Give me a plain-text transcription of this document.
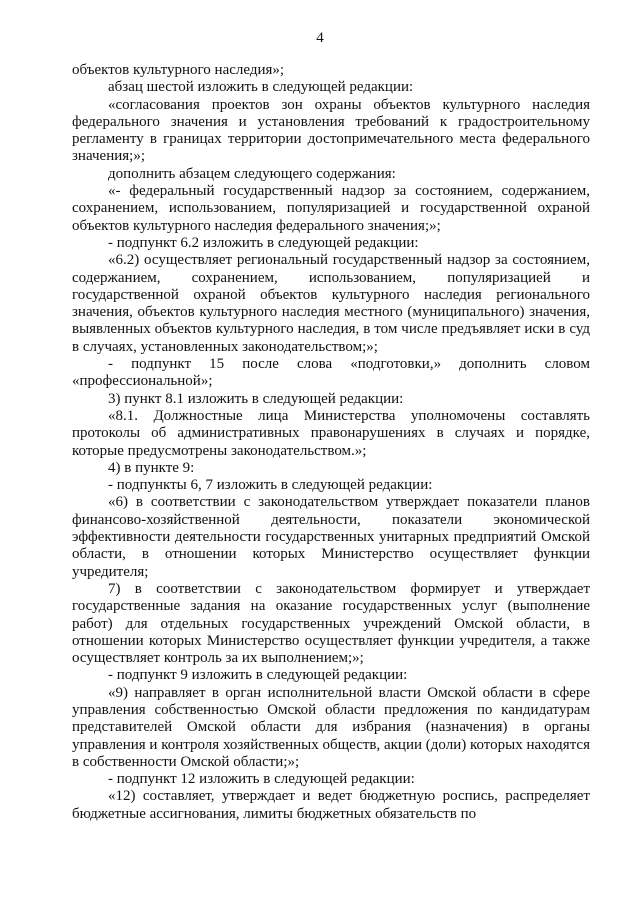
4

объектов культурного наследия»;

абзац шестой изложить в следующей редакции:

«согласования проектов зон охраны объектов культурного наследия федерального значения и установления требований к градостроительному регламенту в границах территории достопримечательного места федерального значения;»;

дополнить абзацем следующего содержания:

«- федеральный государственный надзор за состоянием, содержанием, сохранением, использованием, популяризацией и государственной охраной объектов культурного наследия федерального значения;»;

- подпункт 6.2 изложить в следующей редакции:

«6.2) осуществляет региональный государственный надзор за состоянием, содержанием, сохранением, использованием, популяризацией и государственной охраной объектов культурного наследия регионального значения, объектов культурного наследия местного (муниципального) значения, выявленных объектов культурного наследия, в том числе предъявляет иски в суд в случаях, установленных законодательством;»;

- подпункт 15 после слова «подготовки,» дополнить словом «профессиональной»;

3) пункт 8.1 изложить в следующей редакции:

«8.1. Должностные лица Министерства уполномочены составлять протоколы об административных правонарушениях в случаях и порядке, которые предусмотрены законодательством.»;

4) в пункте 9:

- подпункты 6, 7 изложить в следующей редакции:

«6) в соответствии с законодательством утверждает показатели планов финансово-хозяйственной деятельности, показатели экономической эффективности деятельности государственных унитарных предприятий Омской области, в отношении которых Министерство осуществляет функции учредителя;

7) в соответствии с законодательством формирует и утверждает государственные задания на оказание государственных услуг (выполнение работ) для отдельных государственных учреждений Омской области, в отношении которых Министерство осуществляет функции учредителя, а также осуществляет контроль за их выполнением;»;

- подпункт 9 изложить в следующей редакции:

«9) направляет в орган исполнительной власти Омской области в сфере управления собственностью Омской области предложения по кандидатурам представителей Омской области для избрания (назначения) в органы управления и контроля хозяйственных обществ, акции (доли) которых находятся в собственности Омской области;»;

- подпункт 12 изложить в следующей редакции:

«12) составляет, утверждает и ведет бюджетную роспись, распределяет бюджетные ассигнования, лимиты бюджетных обязательств по
